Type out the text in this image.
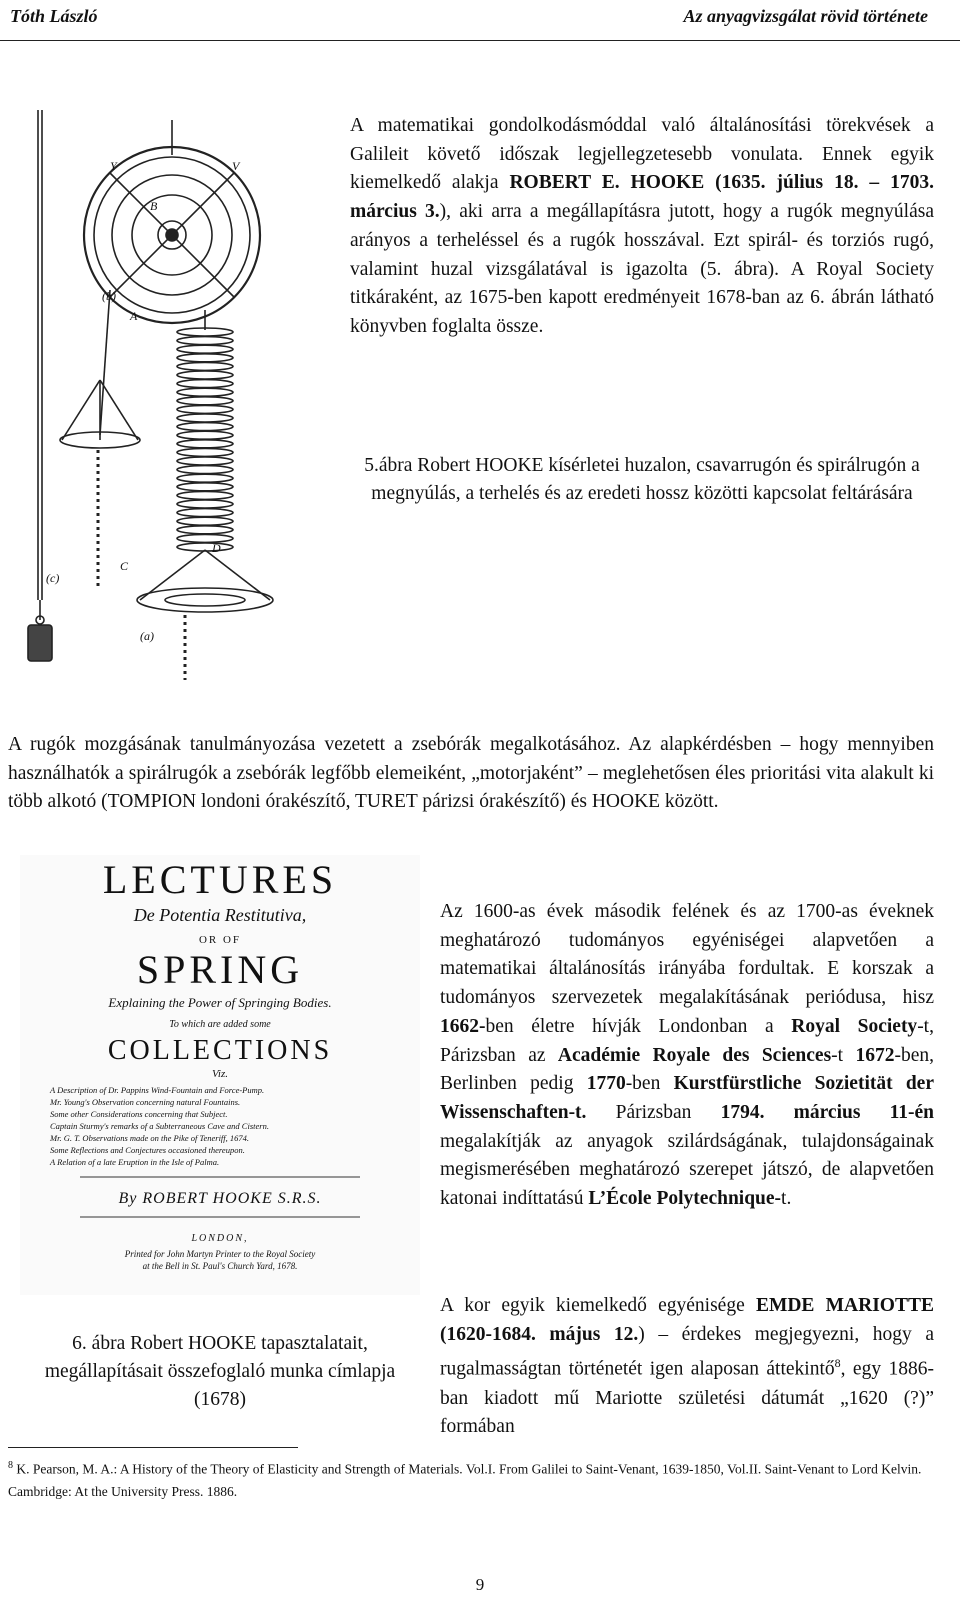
Tóth László	Az anyagvizsgálat rövid története
A matematikai gondolkodásmóddal való általánosítási törekvések a Galileit követő időszak legjellegzetesebb vonulata. Ennek egyik kiemelkedő alakja ROBERT E. HOOKE (1635. július 18. – 1703. március 3.), aki arra a megállapításra jutott, hogy a rugók megnyúlása arányos a terheléssel és a rugók hosszával. Ezt spirál- és torziós rugó, valamint huzal vizsgálatával is igazolta (5. ábra). A Royal Society titkáraként, az 1675-ben kapott eredményeit 1678-ban az 6. ábrán látható könyvben foglalta össze.
(b)
(c)
(a)
A
B
C
D
Y	V
5.ábra Robert HOOKE kísérletei huzalon, csavarrugón és spirálrugón a megnyúlás, a terhelés és az eredeti hossz közötti kapcsolat feltárására
A rugók mozgásának tanulmányozása vezetett a zsebórák megalkotásához. Az alapkérdésben – hogy mennyiben használhatók a spirálrugók a zsebórák legfőbb elemeiként, „motorjaként” – meglehetősen éles prioritási vita alakult ki több alkotó (TOMPION londoni órakészítő, TURET párizsi órakészítő) és HOOKE között.
LECTURES
De Potentia Restitutiva,
OR OF
SPRING
Explaining the Power of Springing Bodies.
To which are added some
COLLECTIONS
Viz.
A Description of Dr. Pappins Wind-Fountain and Force-Pump.
Mr. Young's Observation concerning natural Fountains.
Some other Considerations concerning that Subject.
Captain Sturmy's remarks of a Subterraneous Cave and Cistern.
Mr. G. T. Observations made on the Pike of Teneriff, 1674.
Some Reflections and Conjectures occasioned thereupon.
A Relation of a late Eruption in the Isle of Palma.
By ROBERT HOOKE S.R.S.
LONDON,
Printed for John Martyn Printer to the Royal Society
at the Bell in St. Paul's Church Yard, 1678.
6. ábra Robert HOOKE tapasztalatait, megállapításait összefoglaló munka címlapja (1678)
Az 1600-as évek második felének és az 1700-as éveknek meghatározó tudományos egyéniségei alapvetően a matematikai általánosítás irányába fordultak. E korszak a tudományos szervezetek megalakításának periódusa, hisz 1662-ben életre hívják Londonban a Royal Society-t, Párizsban az Académie Royale des Sciences-t 1672-ben, Berlinben pedig 1770-ben Kurstfürstliche Sozietität der Wissenschaften-t. Párizsban 1794. március 11-én megalakítják az anyagok szilárdságának, tulajdonságainak megismerésében meghatározó szerepet játszó, de alapvetően katonai indíttatású L’École Polytechnique-t.
A kor egyik kiemelkedő egyénisége EMDE MARIOTTE (1620-1684. május 12.) – érdekes megjegyezni, hogy a rugalmasságtan történetét igen alaposan áttekintő$^8$, egy 1886-ban kiadott mű Mariotte születési dátumát „1620 (?)” formában
$^8$ K. Pearson, M. A.: A History of the Theory of Elasticity and Strength of Materials. Vol.I. From Galilei to Saint-Venant, 1639-1850, Vol.II. Saint-Venant to Lord Kelvin. Cambridge: At the University Press. 1886.
9
